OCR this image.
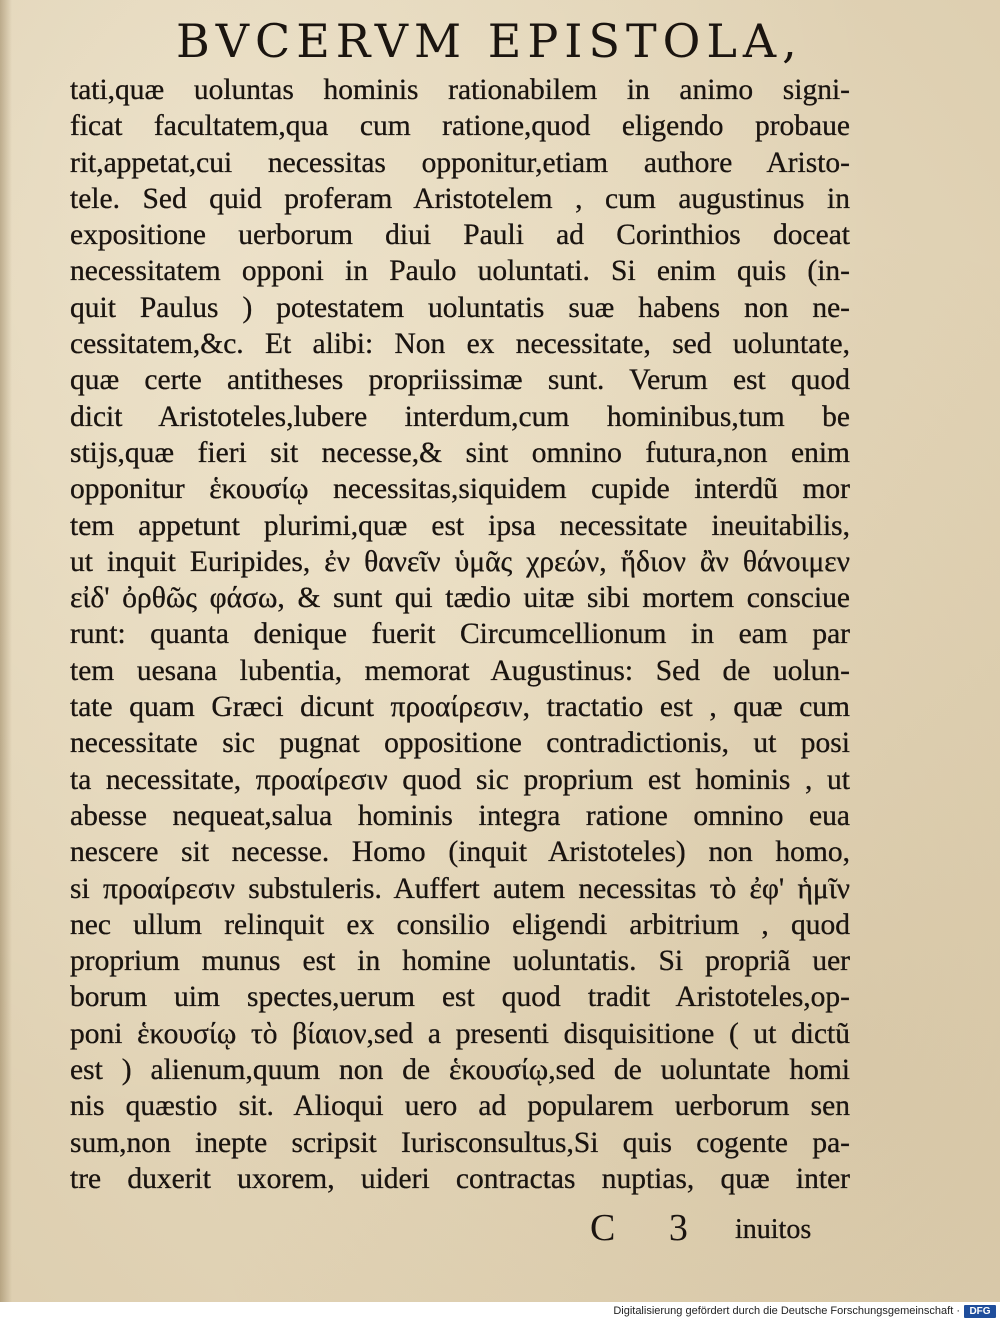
BVCERVM EPISTOLA,
tati,quæ uoluntas hominis rationabilem in animo signi-
ficat facultatem,qua cum ratione,quod eligendo probaue
rit,appetat,cui necessitas opponitur,etiam authore Aristo-
tele. Sed quid proferam Aristotelem , cum augustinus in
expositione uerborum diui Pauli ad Corinthios doceat
necessitatem opponi in Paulo uoluntati. Si enim quis (in-
quit Paulus ) potestatem uoluntatis suæ habens non ne-
cessitatem,&c. Et alibi: Non ex necessitate, sed uoluntate,
quæ certe antitheses propriissimæ sunt. Verum est quod
dicit Aristoteles,lubere interdum,cum hominibus,tum be
stijs,quæ fieri sit necesse,& sint omnino futura,non enim
opponitur ἑκουσίῳ necessitas,siquidem cupide interdũ mor
tem appetunt plurimi,quæ est ipsa necessitate ineuitabilis,
ut inquit Euripides, ἐν θανεῖν ὑμᾶς χρεών, ἥδιον ἂν θάνοιμεν
εἰδ' ὀρθῶς φάσω, & sunt qui tædio uitæ sibi mortem consciue
runt: quanta denique fuerit Circumcellionum in eam par
tem uesana lubentia, memorat Augustinus: Sed de uolun-
tate quam Græci dicunt προαίρεσιν, tractatio est , quæ cum
necessitate sic pugnat oppositione contradictionis, ut posi
ta necessitate, προαίρεσιν quod sic proprium est hominis , ut
abesse nequeat,salua hominis integra ratione omnino eua
nescere sit necesse. Homo (inquit Aristoteles) non homo,
si προαίρεσιν substuleris. Auffert autem necessitas τὸ ἐφ' ἡμῖν
nec ullum relinquit ex consilio eligendi arbitrium , quod
proprium munus est in homine uoluntatis. Si propriã uer
borum uim spectes,uerum est quod tradit Aristoteles,op-
poni ἑκουσίῳ τὸ βίαιον,sed a presenti disquisitione ( ut dictũ
est ) alienum,quum non de ἑκουσίῳ,sed de uoluntate homi
nis quæstio sit. Alioqui uero ad popularem uerborum sen
sum,non inepte scripsit Iurisconsultus,Si quis cogente pa-
tre duxerit uxorem, uideri contractas nuptias, quæ inter
C 3 inuitos
Digitalisierung gefördert durch die Deutsche Forschungsgemeinschaft · DFG
